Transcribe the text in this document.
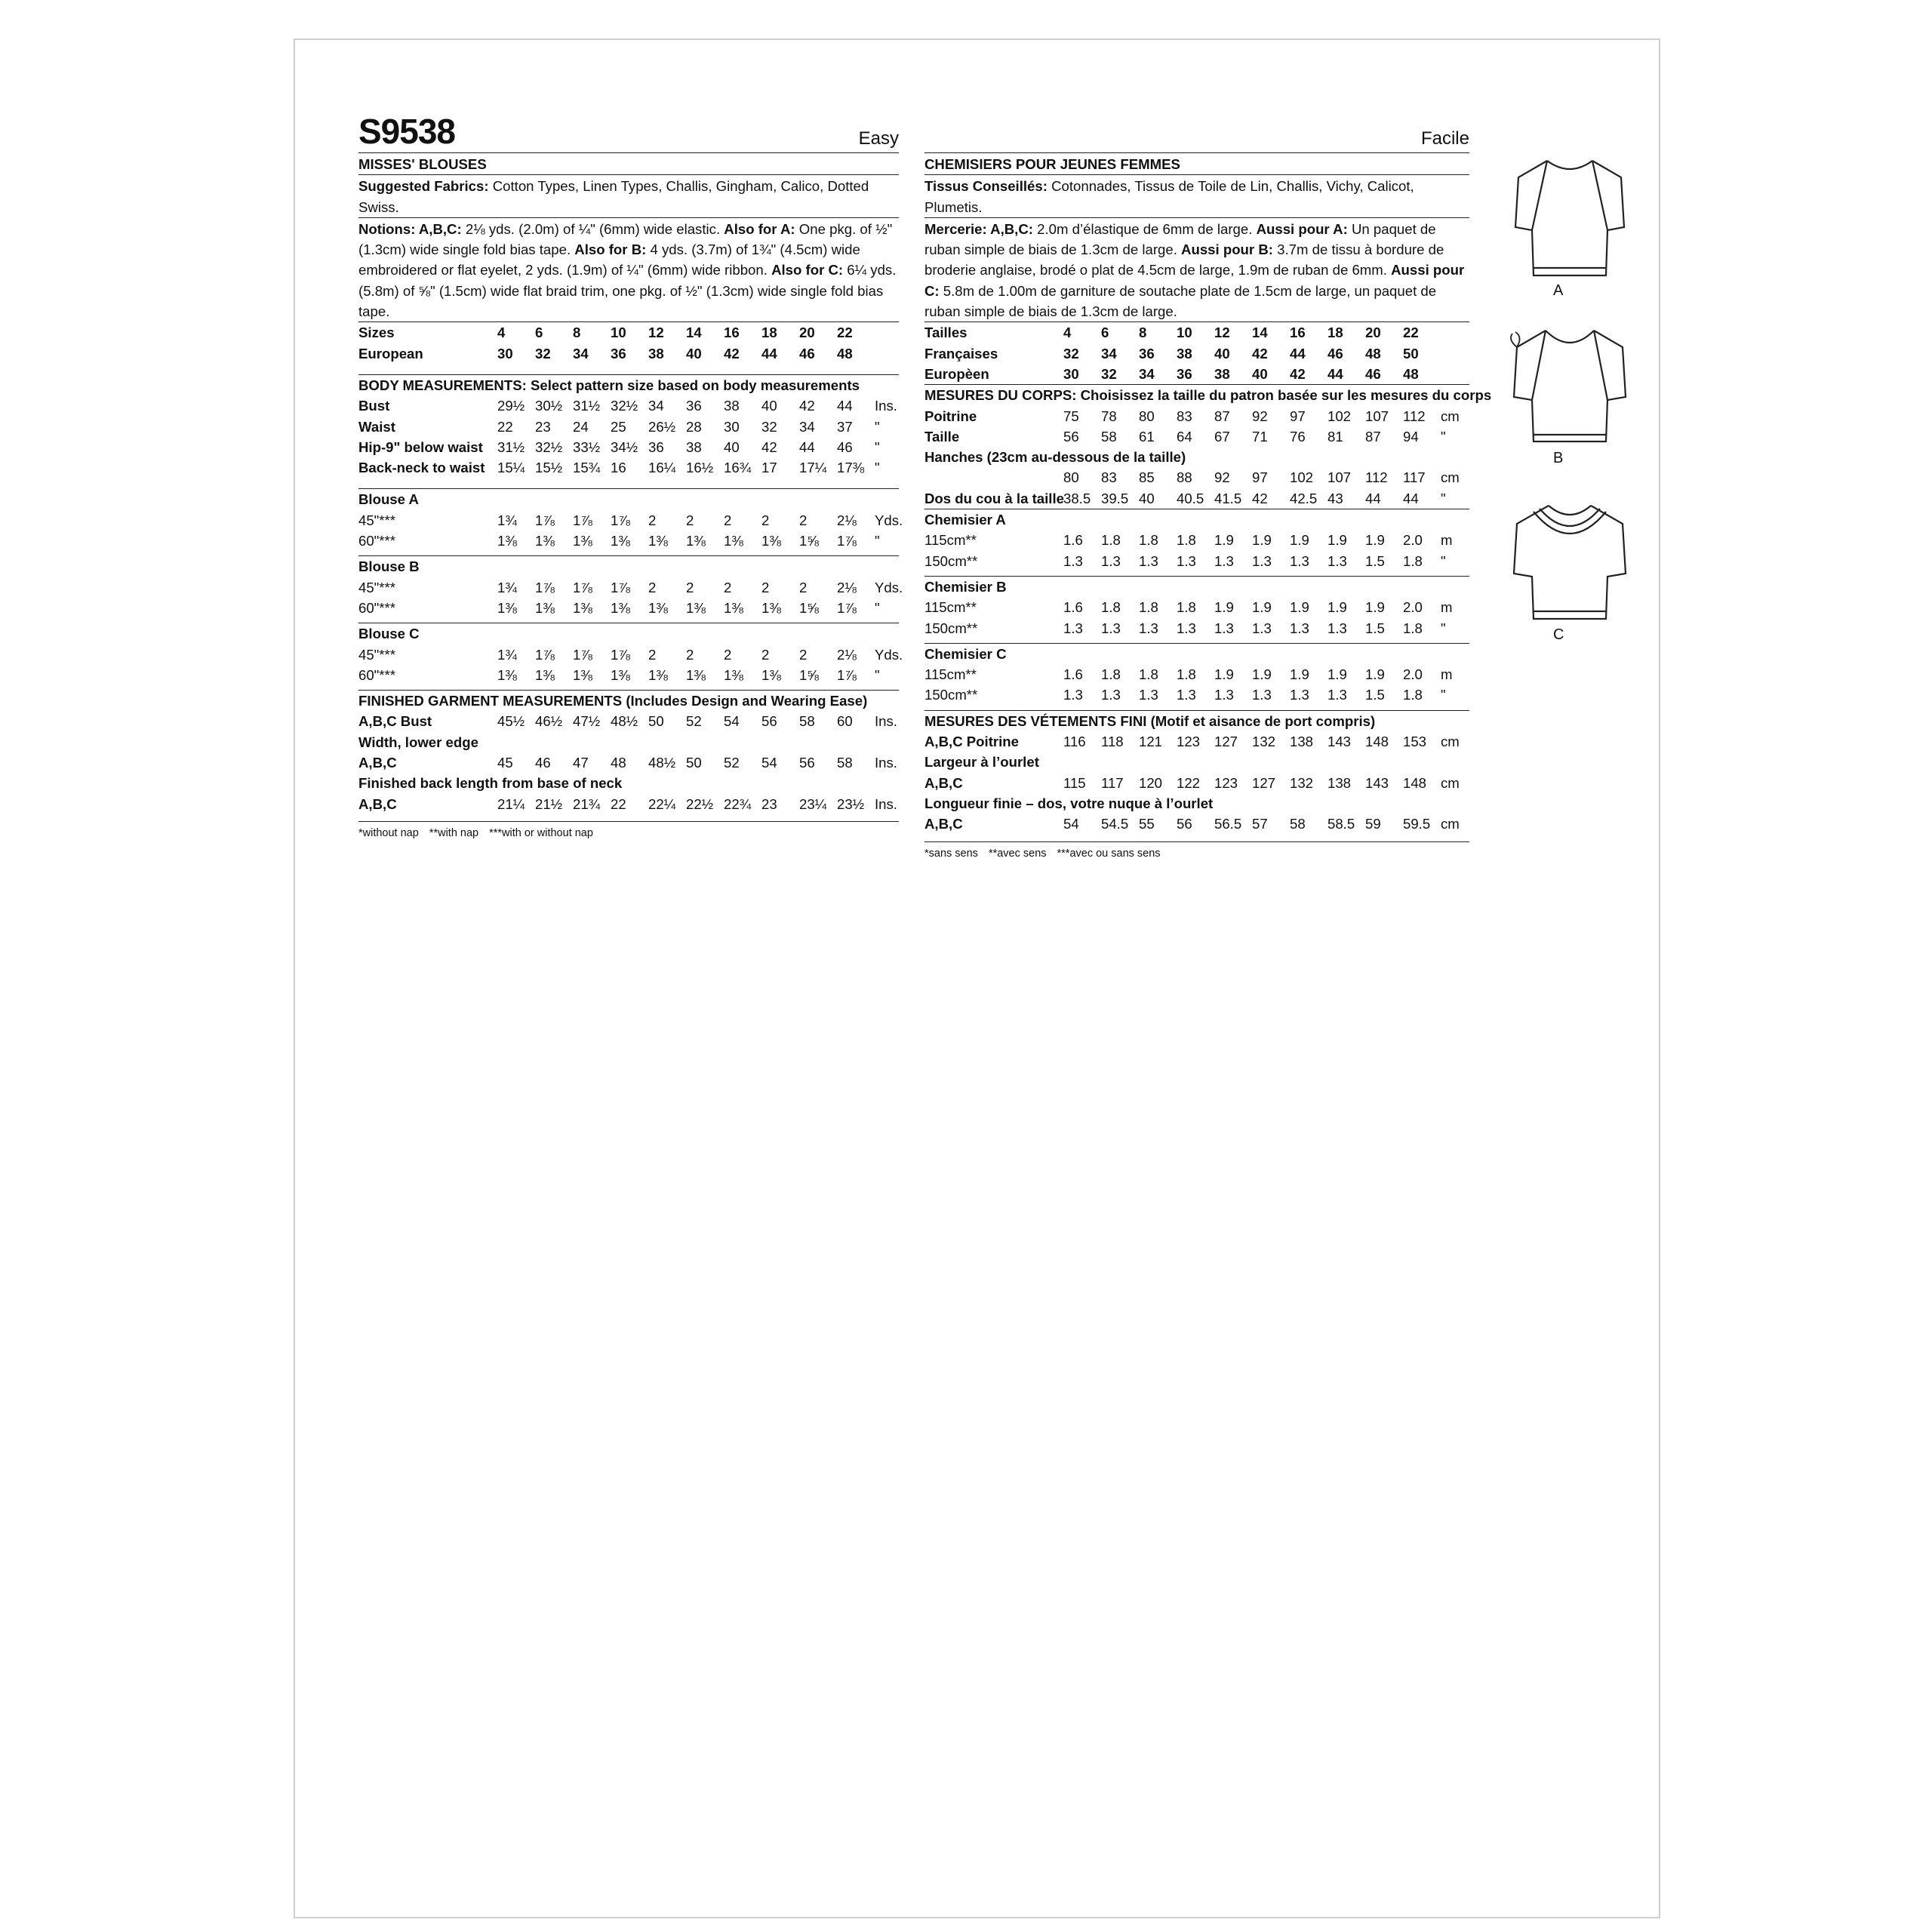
S9538	Easy
MISSES' BLOUSES
Suggested Fabrics: Cotton Types, Linen Types, Challis, Gingham, Calico, Dotted Swiss.
Notions: A,B,C: 2⅛ yds. (2.0m) of ¼" (6mm) wide elastic. Also for A: One pkg. of ½" (1.3cm) wide single fold bias tape. Also for B: 4 yds. (3.7m) of 1¾" (4.5cm) wide embroidered or flat eyelet, 2 yds. (1.9m) of ¼" (6mm) wide ribbon. Also for C: 6¼ yds. (5.8m) of ⅝" (1.5cm) wide flat braid trim, one pkg. of ½" (1.3cm) wide single fold bias tape.
Sizes	4	6	8	10	12	14	16	18	20	22	
European	30	32	34	36	38	40	42	44	46	48	
BODY MEASUREMENTS: Select pattern size based on body measurements
Bust	29½	30½	31½	32½	34	36	38	40	42	44	Ins.
Waist	22	23	24	25	26½	28	30	32	34	37	"
Hip-9" below waist	31½	32½	33½	34½	36	38	40	42	44	46	"
Back-neck to waist	15¼	15½	15¾	16	16¼	16½	16¾	17	17¼	17⅜	"
Blouse A
45"***	1¾	1⅞	1⅞	1⅞	2	2	2	2	2	2⅛	Yds.
60"***	1⅜	1⅜	1⅜	1⅜	1⅜	1⅜	1⅜	1⅜	1⅝	1⅞	"
Blouse B
45"***	1¾	1⅞	1⅞	1⅞	2	2	2	2	2	2⅛	Yds.
60"***	1⅜	1⅜	1⅜	1⅜	1⅜	1⅜	1⅜	1⅜	1⅝	1⅞	"
Blouse C
45"***	1¾	1⅞	1⅞	1⅞	2	2	2	2	2	2⅛	Yds.
60"***	1⅜	1⅜	1⅜	1⅜	1⅜	1⅜	1⅜	1⅜	1⅝	1⅞	"
FINISHED GARMENT MEASUREMENTS (Includes Design and Wearing Ease)
A,B,C Bust	45½	46½	47½	48½	50	52	54	56	58	60	Ins.
Width, lower edge											
A,B,C	45	46	47	48	48½	50	52	54	56	58	Ins.
Finished back length from base of neck											
A,B,C	21¼	21½	21¾	22	22¼	22½	22¾	23	23¼	23½	Ins.
*without nap **with nap ***with or without nap
Facile
CHEMISIERS POUR JEUNES FEMMES
Tissus Conseillés: Cotonnades, Tissus de Toile de Lin, Challis, Vichy, Calicot, Plumetis.
Mercerie: A,B,C: 2.0m d’élastique de 6mm de large. Aussi pour A: Un paquet de ruban simple de biais de 1.3cm de large. Aussi pour B: 3.7m de tissu à bordure de broderie anglaise, brodé o plat de 4.5cm de large, 1.9m de ruban de 6mm. Aussi pour C: 5.8m de 1.00m de garniture de soutache plate de 1.5cm de large, un paquet de ruban simple de biais de 1.3cm de large.
Tailles	4	6	8	10	12	14	16	18	20	22	
Françaises	32	34	36	38	40	42	44	46	48	50	
Europèen	30	32	34	36	38	40	42	44	46	48	
MESURES DU CORPS: Choisissez la taille du patron basée sur les mesures du corps
Poitrine	75	78	80	83	87	92	97	102	107	112	cm
Taille	56	58	61	64	67	71	76	81	87	94	"
Hanches (23cm au-dessous de la taille)											
	80	83	85	88	92	97	102	107	112	117	cm
Dos du cou à la taille	38.5	39.5	40	40.5	41.5	42	42.5	43	44	44	"
Chemisier A
115cm**	1.6	1.8	1.8	1.8	1.9	1.9	1.9	1.9	1.9	2.0	m
150cm**	1.3	1.3	1.3	1.3	1.3	1.3	1.3	1.3	1.5	1.8	"
Chemisier B
115cm**	1.6	1.8	1.8	1.8	1.9	1.9	1.9	1.9	1.9	2.0	m
150cm**	1.3	1.3	1.3	1.3	1.3	1.3	1.3	1.3	1.5	1.8	"
Chemisier C
115cm**	1.6	1.8	1.8	1.8	1.9	1.9	1.9	1.9	1.9	2.0	m
150cm**	1.3	1.3	1.3	1.3	1.3	1.3	1.3	1.3	1.5	1.8	"
MESURES DES VÉTEMENTS FINI (Motif et aisance de port compris)
A,B,C Poitrine	116	118	121	123	127	132	138	143	148	153	cm
Largeur à l’ourlet											
A,B,C	115	117	120	122	123	127	132	138	143	148	cm
Longueur finie – dos, votre nuque à l’ourlet											
A,B,C	54	54.5	55	56	56.5	57	58	58.5	59	59.5	cm
*sans sens **avec sens ***avec ou sans sens
A
B
C
